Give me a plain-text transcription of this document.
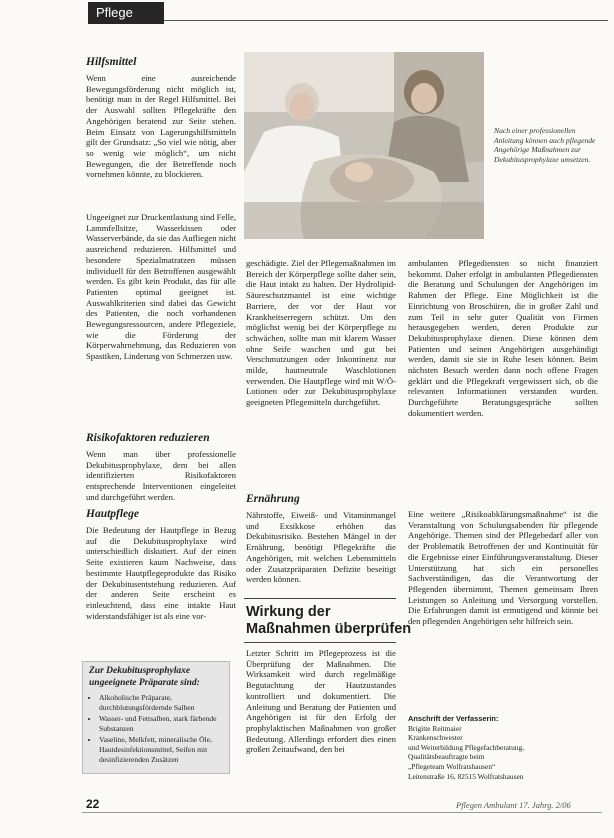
Pflege
Hilfsmittel

Wenn eine ausreichende Bewegungsförderung nicht möglich ist, benötigt man in der Regel Hilfsmittel. Bei der Auswahl sollten Pflegekräfte den Angehörigen beratend zur Seite stehen. Beim Einsatz von Lagerungshilfsmitteln gilt der Grundsatz: „So viel wie nötig, aber so wenig wie möglich“, um nicht Bewegungen, die der Betreffende noch vornehmen könnte, zu blockieren.

Ungeeignet zur Druckentlastung sind Felle, Lammfellsitze, Wasserkissen oder Wasserverbände, da sie das Aufliegen nicht ausreichend reduzieren. Hilfsmittel und besondere Spezialmatratzen müssen individuell für den Betroffenen ausgewählt werden. Es gibt kein Produkt, das für alle Patienten optimal geeignet ist. Auswahlkriterien sind dabei das Gewicht des Patienten, die noch vorhandenen Bewegungsressourcen, andere Pflegeziele, wie die Förderung der Körperwahrnehmung, das Reduzieren von Spastiken, Linderung von Schmerzen usw.

Risikofaktoren reduzieren

Wenn man über professionelle Dekubitusprophylaxe, dem bei allen identifizierten Risikofaktoren entsprechende Interventionen eingeleitet und durchgeführt werden.

Hautpflege

Die Bedeutung der Hautpflege in Bezug auf die Dekubitusprophylaxe wird unterschiedlich diskutiert. Auf der einen Seite existieren kaum Nachweise, dass bestimmte Hautpflegeprodukte das Risiko der Dekubitusentstehung reduzieren. Auf der anderen Seite erscheint es einleuchtend, dass eine intakte Haut widerstandsfähiger ist als eine vor-

Zur Dekubitusprophylaxe ungeeignete Präparate sind:

• Alkoholische Präparate, durchblutungsfördernde Salben
• Wasser- und Fettsalben, stark färbende Substanzen
• Vaseline, Melkfett, mineralische Öle, Hautdesinfektionsmittel, Seifen mit desinfizierenden Zusätzen
Nach einer professionellen Anleitung können auch pflegende Angehörige Maßnahmen zur Dekubitusprophylaxe umsetzen.

geschädigte. Ziel der Pflegemaßnahmen im Bereich der Körperpflege sollte daher sein, die Haut intakt zu halten. Der Hydrolipid-Säureschutzmantel ist eine wichtige Barriere, der vor der Haut vor Krankheitserregern schützt. Um den möglichst wenig bei der Körperpflege zu schwächen, sollte man mit klarem Wasser ohne Seife waschen und gut bei Verschmutzungen oder Inkontinenz nur milde, hautneutrale Waschlotionen verwenden. Die Hautpflege wird mit W/Ö-Lotionen oder zur Dekubitusprophylaxe geeigneten Pflegemitteln durchgeführt.

Ernährung

Nährstoffe, Eiweiß- und Vitaminmangel und Exsikkose erhöhen das Dekubitusrisiko. Bestehen Mängel in der Ernährung, benötigt Pflegekräfte die Angehörigen, mit welchen Lebensmitteln oder Zusatzpräparaten Defizite beseitigt werden können.

Wirkung der
Maßnahmen überprüfen

Letzter Schritt im Pflegeprozess ist die Überprüfung der Maßnahmen. Die Wirksamkeit wird durch regelmäßige Begutachtung der Hautzustandes kontrolliert und dokumentiert. Die Anleitung und Beratung der Patienten und Angehörigen ist für den Erfolg der prophylaktischen Maßnahmen von großer Bedeutung. Allerdings erfordert dies einen großen Zeitaufwand, den bei

ambulanten Pflegediensten so nicht finanziert bekommt. Daher erfolgt in ambulanten Pflegediensten die Beratung und Schulungen der Angehörigen im Rahmen der Pflege. Eine Möglichkeit ist die Einrichtung von Broschüren, die in großer Zahl und zum Teil in sehr guter Qualität von Firmen herausgegeben werden, deren Produkte zur Dekubitusprophylaxe dienen. Diese können dem Patienten und seinen Angehörigen ausgehändigt werden, damit sie sie in Ruhe lesen können. Beim nächsten Besuch werden dann noch offene Fragen geklärt und die Pflegekraft vergewissert sich, ob die relevanten Informationen verstanden wurden. Durchgeführte Beratungsgespräche sollten dokumentiert werden.

Eine weitere „Risikoabklärungsmaßnahme“ ist die Veranstaltung von Schulungsabenden für pflegende Angehörige. Themen sind der Pflegebedarf aller von der Problematik Betroffenen der und Kontinuität für die Ergebnisse einer Einführungsveranstaltung. Dieser Unterstützung hat sich ein personelles Sachverständigen, das die Verantwortung der Pflegenden übernimmt, Themen gemeinsam Ihren Leistungen so Anleitung und Versorgung vorstellen. Die Erfahrungen damit ist ermutigend und könnte bei den pflegenden Angehörigen sehr hilfreich sein.

Anschrift der Verfasserin:

Brigitte Reitmaier

Krankenschwester

und Weiterbildung Pflegefachberatung,

Qualitätsbeauftragte beim

„Pflegeteam Wolfratshausen“

Leitenstraße 16, 82515 Wolfratshausen

22	Pflegen Ambulant 17. Jahrg. 2/06
